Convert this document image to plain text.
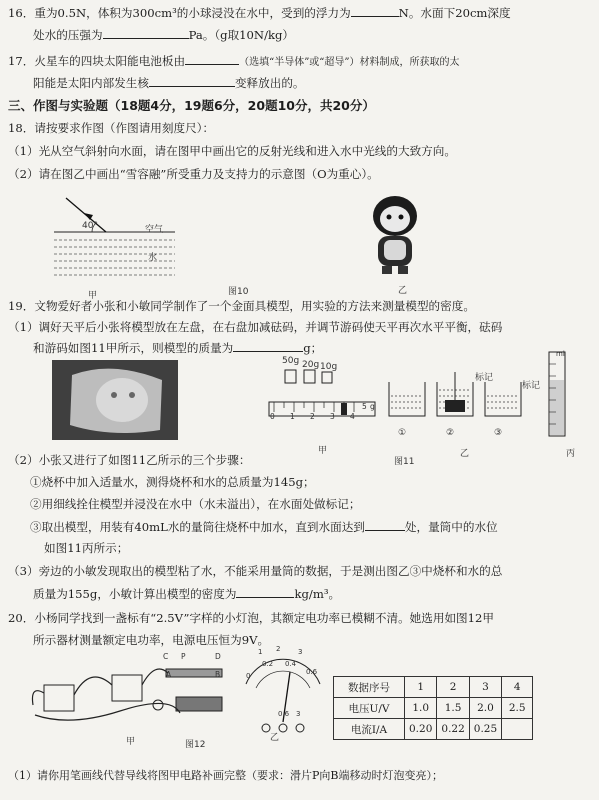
16．重为0.5N，体积为300cm³的小球浸没在水中，受到的浮力为	N。水面下20cm深度
处水的压强为	Pa。（g取10N/kg）
17．火星车的四块太阳能电池板由	（选填“半导体”或“超导”）材料制成，所获取的太
阳能是太阳内部发生核	变释放出的。
三、作图与实验题（18题4分，19题6分，20题10分，共20分）
18．请按要求作图（作图请用刻度尺）：
（1）光从空气斜射向水面，请在图甲中画出它的反射光线和进入水中光线的大致方向。
（2）请在图乙中画出“雪容融”所受重力及支持力的示意图（O为重心）。
40°	空气
水
甲	图10	乙
19．文物爱好者小张和小敏同学制作了一个金面具模型，用实验的方法来测量模型的密度。
（1）调好天平后小张将模型放在左盘，在右盘加减砝码，并调节游码使天平再次水平平衡，砝码
和游码如图11甲所示，则模型的质量为	g；
50g 20g 10g
0 1 2 3 4
5 g
甲
标记
标记
①	②	③
图11
乙
ml
丙
（2）小张又进行了如图11乙所示的三个步骤：
①烧杯中加入适量水，测得烧杯和水的总质量为145g；
②用细线拴住模型并浸没在水中（水未溢出），在水面处做标记；
③取出模型，用装有40mL水的量筒往烧杯中加水，直到水面达到	处，量筒中的水位
如图11丙所示；
（3）旁边的小敏发现取出的模型粘了水，不能采用量筒的数据，于是测出图乙③中烧杯和水的总
质量为155g，小敏计算出模型的密度为	kg/m³。
20．小杨同学找到一盏标有“2.5V”字样的小灯泡，其额定电功率已模糊不清。她选用如图12甲
所示器材测量额定电功率，电源电压恒为9V。
C P	D
A	B
甲	图12
0
0.2 0.4
0.6
1 2	3
0.6 3
乙
数据序号	1	2	3	4
电压U/V	1.0	1.5	2.0	2.5
电流I/A	0.20	0.22	0.25	
（1）请你用笔画线代替导线将图甲电路补画完整（要求：滑片P向B端移动时灯泡变亮）；
